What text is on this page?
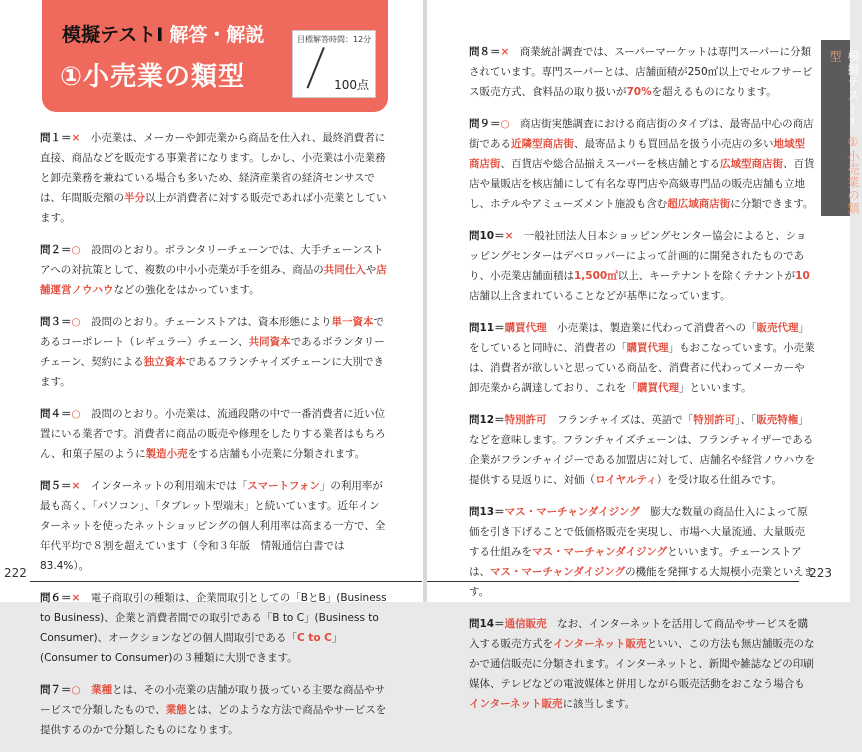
模擬テストⅠ 解答・解説
①小売業の類型
目標解答時間：12分
100点
問１＝×　小売業は、メーカーや卸売業から商品を仕入れ、最終消費者に直接、商品などを販売する事業者になります。しかし、小売業は小売業務と卸売業務を兼ねている場合も多いため、経済産業省の経済センサスでは、年間販売額の半分以上が消費者に対する販売であれば小売業としています。
問２＝○　設問のとおり。ボランタリーチェーンでは、大手チェーンストアへの対抗策として、複数の中小小売業が手を組み、商品の共同仕入や店舗運営ノウハウなどの強化をはかっています。
問３＝○　設問のとおり。チェーンストアは、資本形態により単一資本であるコーポレート（レギュラー）チェーン、共同資本であるボランタリーチェーン、契約による独立資本であるフランチャイズチェーンに大別できます。
問４＝○　設問のとおり。小売業は、流通段階の中で一番消費者に近い位置にいる業者です。消費者に商品の販売や修理をしたりする業者はもちろん、和菓子屋のように製造小売をする店舗も小売業に分類されます。
問５＝×　インターネットの利用端末では「スマートフォン」の利用率が最も高く、「パソコン」、「タブレット型端末」と続いています。近年インターネットを使ったネットショッピングの個人利用率は高まる一方で、全年代平均で８割を超えています（令和３年版　情報通信白書では83.4%）。
問６＝×　電子商取引の種類は、企業間取引としての「BとB」(Business to Business)、企業と消費者間での取引である「B to C」(Business to Consumer)、オークションなどの個人間取引である「C to C」(Consumer to Consumer)の３種類に大別できます。
問７＝○　 業種とは、その小売業の店舗が取り扱っている主要な商品やサービスで分類したもので、業態とは、どのような方法で商品やサービスを提供するのかで分類したものになります。
222
問８＝×　商業統計調査では、スーパーマーケットは専門スーパーに分類されています。専門スーパーとは、店舗面積が250㎡以上でセルフサービス販売方式、食料品の取り扱いが70%を超えるものになります。
問９＝○　商店街実態調査における商店街のタイプは、最寄品中心の商店街である近隣型商店街、最寄品よりも買回品を扱う小売店の多い地域型商店街、百貨店や総合品揃えスーパーを核店舗とする広域型商店街、百貨店や量販店を核店舗にして有名な専門店や高級専門品の販売店舗も立地し、ホテルやアミューズメント施設も含む超広域商店街に分類できます。
問10＝×　一般社団法人日本ショッピングセンター協会によると、ショッピングセンターはデベロッパーによって計画的に開発されたものであり、小売業店舗面積は1,500㎡以上、キーテナントを除くテナントが10店舗以上含まれていることなどが基準になっています。
問11＝購買代理　小売業は、製造業に代わって消費者への「販売代理」をしていると同時に、消費者の「購買代理」もおこなっています。小売業は、消費者が欲しいと思っている商品を、消費者に代わってメーカーや卸売業から調達しており、これを「購買代理」といいます。
問12＝特別許可　フランチャイズは、英語で「特別許可」、「販売特権」などを意味します。フランチャイズチェーンは、フランチャイザーである企業がフランチャイジーである加盟店に対して、店舗名や経営ノウハウを提供する見返りに、対価（ロイヤルティ）を受け取る仕組みです。
問13＝マス・マーチャンダイジング　膨大な数量の商品仕入によって原価を引き下げることで低価格販売を実現し、市場へ大量流通、大量販売する仕組みをマス・マーチャンダイジングといいます。チェーンストアは、マス・マーチャンダイジングの機能を発揮する大規模小売業といえます。
問14＝通信販売　なお、インターネットを活用して商品やサービスを購入する販売方式をインターネット販売といい、この方法も無店舗販売のなかで通信販売に分類されます。インターネットと、新聞や雑誌などの印刷媒体、テレビなどの電波媒体と併用しながら販売活動をおこなう場合もインターネット販売に該当します。
模擬テストⅠ ①小売業の類型
223
